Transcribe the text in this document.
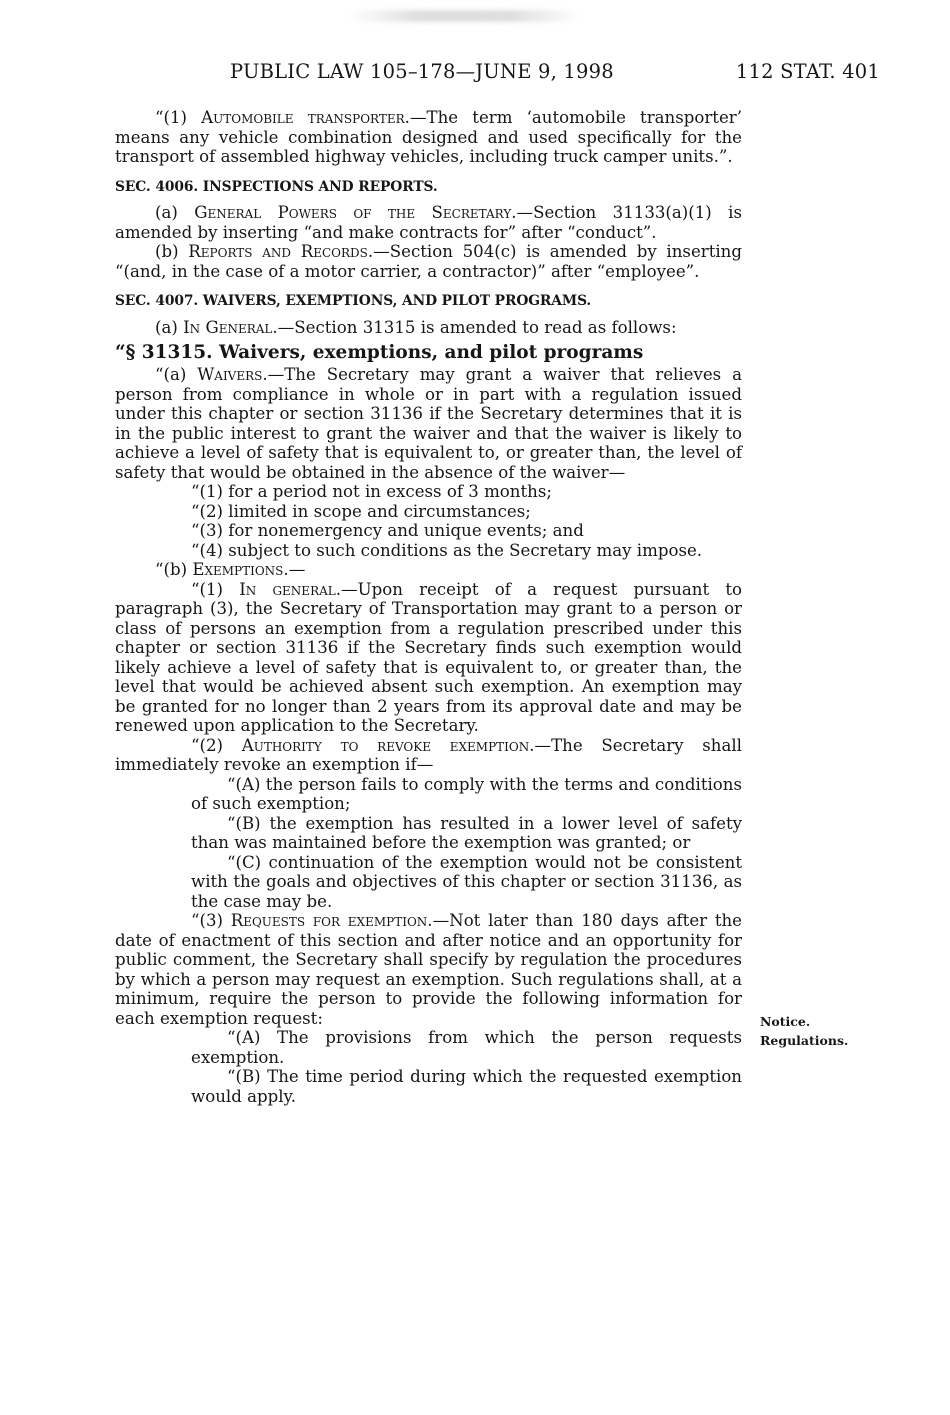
PUBLIC LAW 105–178—JUNE 9, 1998	112 STAT. 401

“(1) Automobile transporter.—The term ‘automobile transporter’ means any vehicle combination designed and used specifically for the transport of assembled highway vehicles, including truck camper units.”.

SEC. 4006. INSPECTIONS AND REPORTS.

(a) General Powers of the Secretary.—Section 31133(a)(1) is amended by inserting “and make contracts for” after “conduct”.

(b) Reports and Records.—Section 504(c) is amended by inserting “(and, in the case of a motor carrier, a contractor)” after “employee”.

SEC. 4007. WAIVERS, EXEMPTIONS, AND PILOT PROGRAMS.

(a) In General.—Section 31315 is amended to read as follows:

“§ 31315. Waivers, exemptions, and pilot programs

“(a) Waivers.—The Secretary may grant a waiver that relieves a person from compliance in whole or in part with a regulation issued under this chapter or section 31136 if the Secretary determines that it is in the public interest to grant the waiver and that the waiver is likely to achieve a level of safety that is equivalent to, or greater than, the level of safety that would be obtained in the absence of the waiver—

“(1) for a period not in excess of 3 months;

“(2) limited in scope and circumstances;

“(3) for nonemergency and unique events; and

“(4) subject to such conditions as the Secretary may impose.

“(b) Exemptions.—

“(1) In general.—Upon receipt of a request pursuant to paragraph (3), the Secretary of Transportation may grant to a person or class of persons an exemption from a regulation prescribed under this chapter or section 31136 if the Secretary finds such exemption would likely achieve a level of safety that is equivalent to, or greater than, the level that would be achieved absent such exemption. An exemption may be granted for no longer than 2 years from its approval date and may be renewed upon application to the Secretary.

“(2) Authority to revoke exemption.—The Secretary shall immediately revoke an exemption if—

“(A) the person fails to comply with the terms and conditions of such exemption;

“(B) the exemption has resulted in a lower level of safety than was maintained before the exemption was granted; or

“(C) continuation of the exemption would not be consistent with the goals and objectives of this chapter or section 31136, as the case may be.

“(3) Requests for exemption.—Not later than 180 days after the date of enactment of this section and after notice and an opportunity for public comment, the Secretary shall specify by regulation the procedures by which a person may request an exemption. Such regulations shall, at a minimum, require the person to provide the following information for each exemption request:

“(A) The provisions from which the person requests exemption.

“(B) The time period during which the requested exemption would apply.

Notice.
Regulations.
